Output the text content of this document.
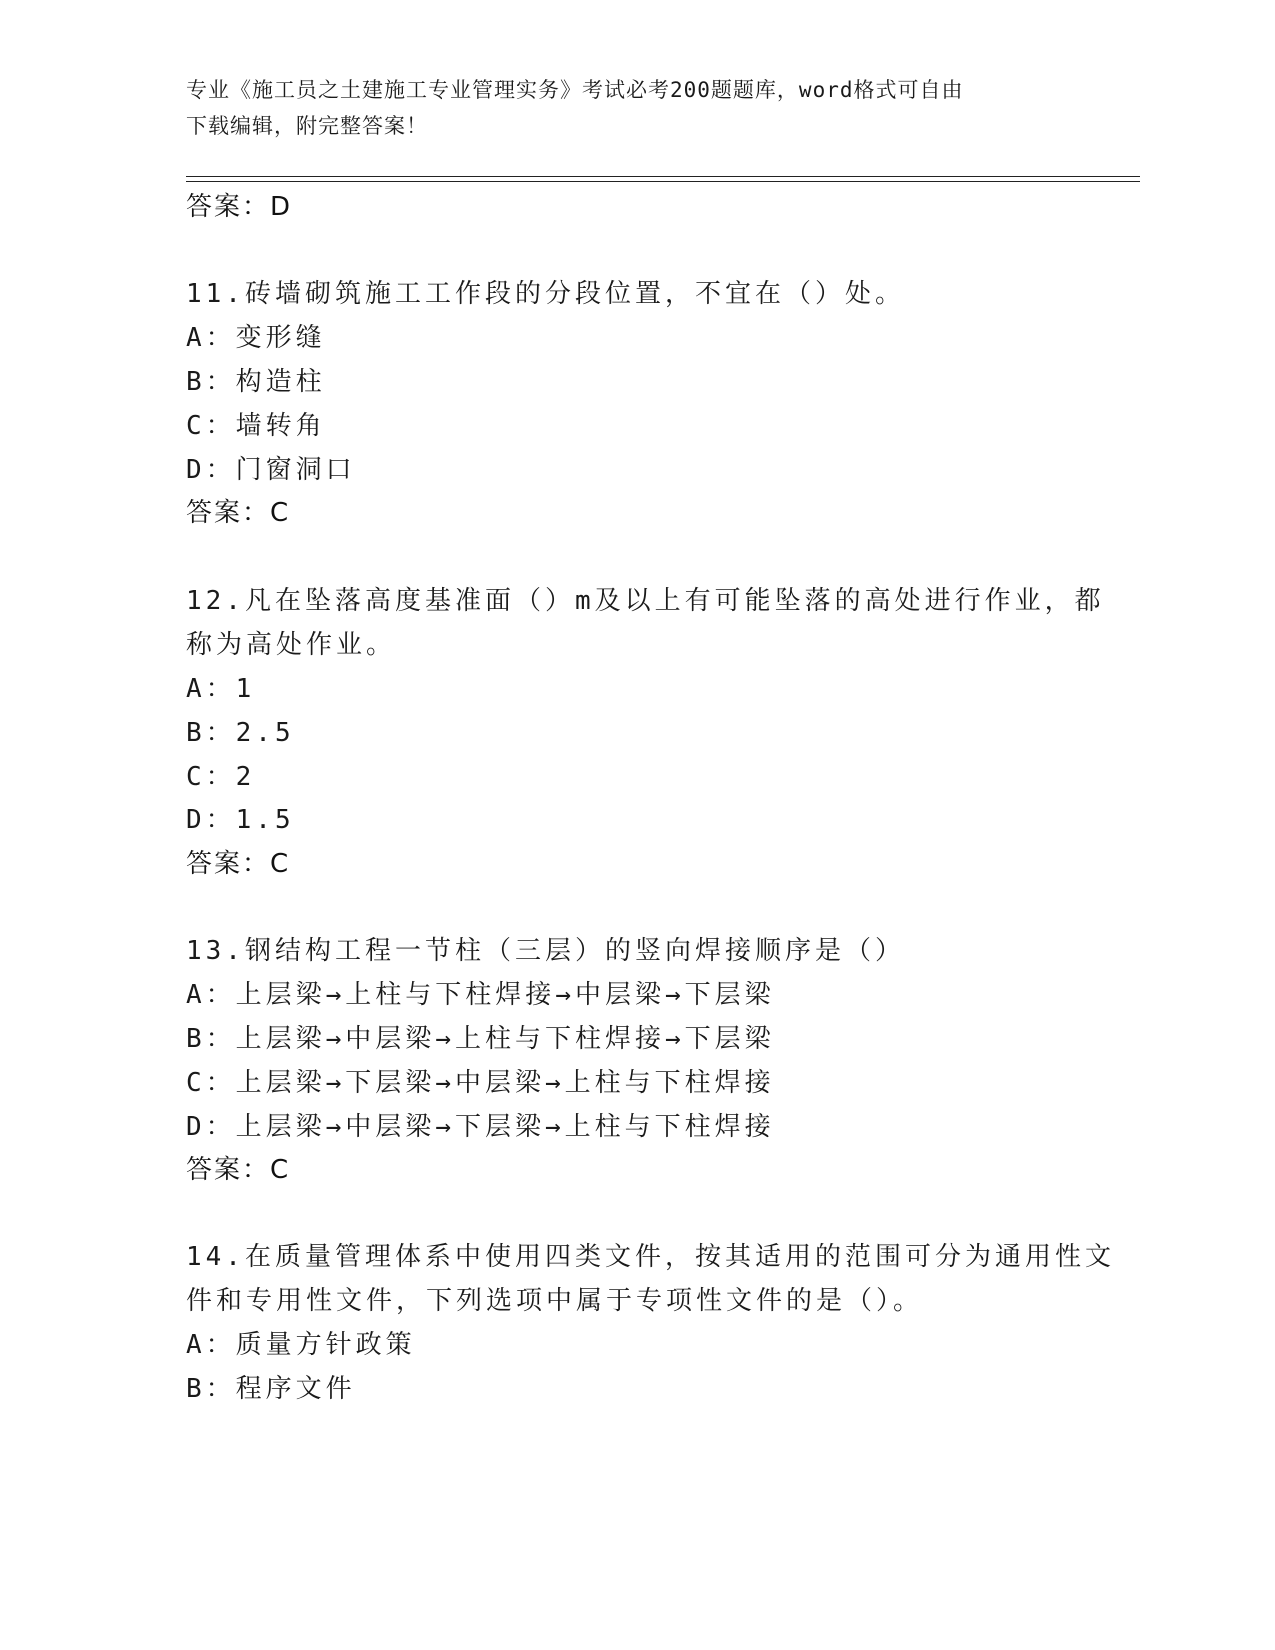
专业《施工员之土建施工专业管理实务》考试必考200题题库，word格式可自由
下载编辑，附完整答案！
答案：D
11.砖墙砌筑施工工作段的分段位置，不宜在（）处。
A：变形缝
B：构造柱
C：墙转角
D：门窗洞口
答案：C
12.凡在坠落高度基准面（）m及以上有可能坠落的高处进行作业，都
称为高处作业。
A：1
B：2.5
C：2
D：1.5
答案：C
13.钢结构工程一节柱（三层）的竖向焊接顺序是（）
A：上层梁→上柱与下柱焊接→中层梁→下层梁
B：上层梁→中层梁→上柱与下柱焊接→下层梁
C：上层梁→下层梁→中层梁→上柱与下柱焊接
D：上层梁→中层梁→下层梁→上柱与下柱焊接
答案：C
14.在质量管理体系中使用四类文件，按其适用的范围可分为通用性文
件和专用性文件，下列选项中属于专项性文件的是（）。
A：质量方针政策
B：程序文件
